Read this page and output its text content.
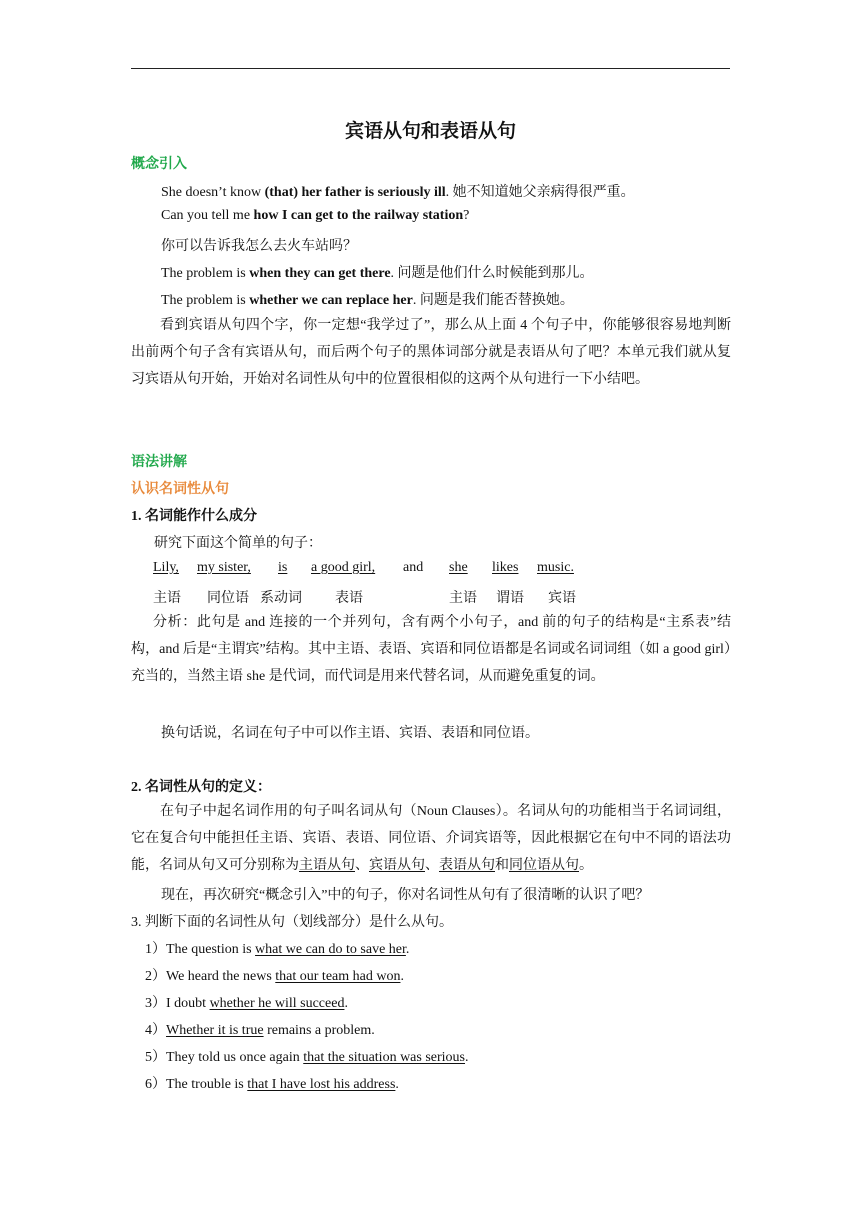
宾语从句和表语从句
概念引入
She doesn’t know (that) her father is seriously ill. 她不知道她父亲病得很严重。
Can you tell me how I can get to the railway station?
你可以告诉我怎么去火车站吗？
The problem is when they can get there. 问题是他们什么时候能到那儿。
The problem is whether we can replace her. 问题是我们能否替换她。
看到宾语从句四个字，你一定想“我学过了”，那么从上面 4 个句子中，你能够很容易地判断出前两个句子含有宾语从句，而后两个句子的黑体词部分就是表语从句了吧？本单元我们就从复习宾语从句开始，开始对名词性从句中的位置很相似的这两个从句进行一下小结吧。
语法讲解
认识名词性从句
1. 名词能作什么成分
研究下面这个简单的句子：
Lily, my sister, is a good girl, and she likes music.
主语 同位语 系动词 表语	主语 谓语 宾语
分析：此句是 and 连接的一个并列句，含有两个小句子，and 前的句子的结构是“主系表”结构，and 后是“主谓宾”结构。其中主语、表语、宾语和同位语都是名词或名词词组（如 a good girl）充当的，当然主语 she 是代词，而代词是用来代替名词，从而避免重复的词。
换句话说，名词在句子中可以作主语、宾语、表语和同位语。
2. 名词性从句的定义：
在句子中起名词作用的句子叫名词从句（Noun Clauses）。名词从句的功能相当于名词词组，它在复合句中能担任主语、宾语、表语、同位语、介词宾语等，因此根据它在句中不同的语法功能，名词从句又可分别称为主语从句、宾语从句、表语从句和同位语从句。
现在，再次研究“概念引入”中的句子，你对名词性从句有了很清晰的认识了吧？
3. 判断下面的名词性从句（划线部分）是什么从句。
1）The question is what we can do to save her.
2）We heard the news that our team had won.
3）I doubt whether he will succeed.
4）Whether it is true remains a problem.
5）They told us once again that the situation was serious.
6）The trouble is that I have lost his address.
